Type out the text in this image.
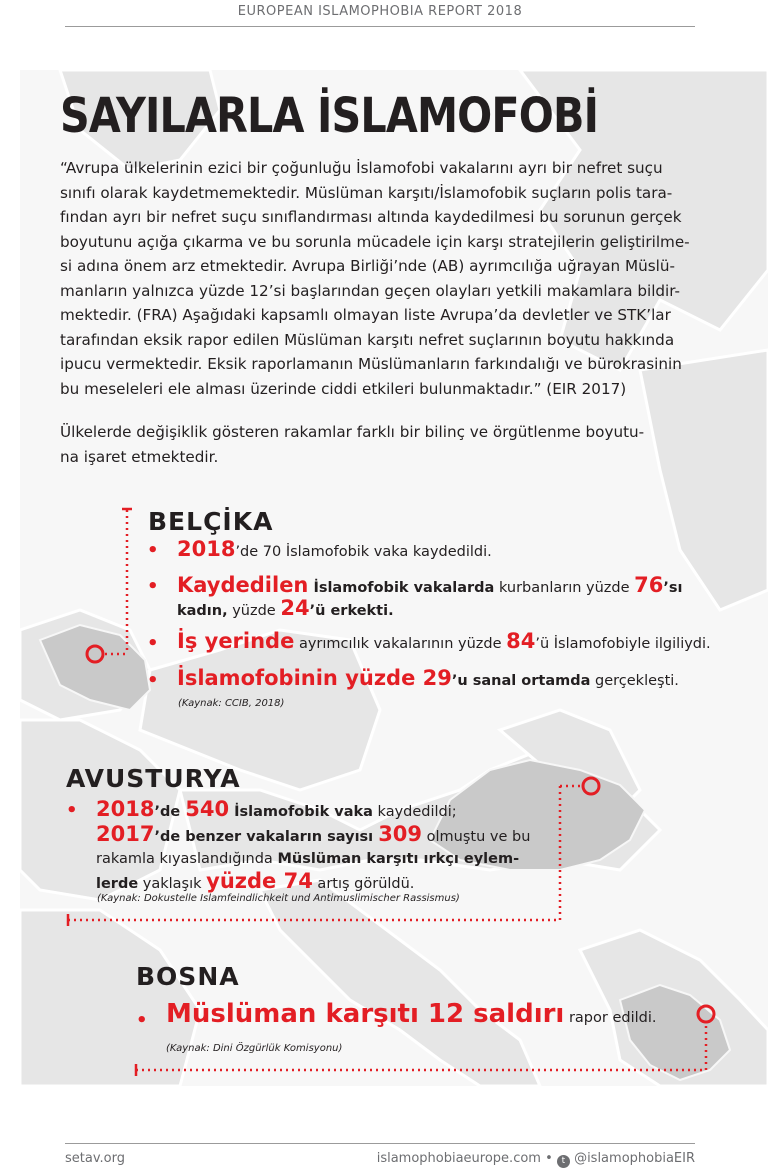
EUROPEAN ISLAMOPHOBIA REPORT 2018
SAYILARLA İSLAMOFOBİ

“Avrupa ülkelerinin ezici bir çoğunluğu İslamofobi vakalarını ayrı bir nefret suçu

sınıfı olarak kaydetmemektedir. Müslüman karşıtı/İslamofobik suçların polis tara-

fından ayrı bir nefret suçu sınıflandırması altında kaydedilmesi bu sorunun gerçek

boyutunu açığa çıkarma ve bu sorunla mücadele için karşı stratejilerin geliştirilme-

si adına önem arz etmektedir. Avrupa Birliği’nde (AB) ayrımcılığa uğrayan Müslü-

manların yalnızca yüzde 12’si başlarından geçen olayları yetkili makamlara bildir-

mektedir. (FRA) Aşağıdaki kapsamlı olmayan liste Avrupa’da devletler ve STK’lar

tarafından eksik rapor edilen Müslüman karşıtı nefret suçlarının boyutu hakkında

ipucu vermektedir. Eksik raporlamanın Müslümanların farkındalığı ve bürokrasinin

bu meseleleri ele alması üzerinde ciddi etkileri bulunmaktadır.” (EIR 2017)

Ülkelerde değişiklik gösteren rakamlar farklı bir bilinç ve örgütlenme boyutu-
na işaret etmektedir.
BELÇİKA
• 2018’de 70 İslamofobik vaka kaydedildi.
• Kaydedilen İslamofobik vakalarda kurbanların yüzde 76’sı
kadın, yüzde 24’ü erkekti.
• İş yerinde ayrımcılık vakalarının yüzde 84’ü İslamofobiyle ilgiliydi.
• İslamofobinin yüzde 29’u sanal ortamda gerçekleşti.
(Kaynak: CCIB, 2018)
AVUSTURYA
• 2018’de 540 İslamofobik vaka kaydedildi;
2017’de benzer vakaların sayısı 309 olmuştu ve bu
rakamla kıyaslandığında Müslüman karşıtı ırkçı eylem-
lerde yaklaşık yüzde 74 artış görüldü.
(Kaynak: Dokustelle Islamfeindlichkeit und Antimuslimischer Rassismus)
BOSNA
• Müslüman karşıtı 12 saldırı rapor edildi.
(Kaynak: Dini Özgürlük Komisyonu)
setav.org	islamophobiaeurope.com • t @islamophobiaEIR
